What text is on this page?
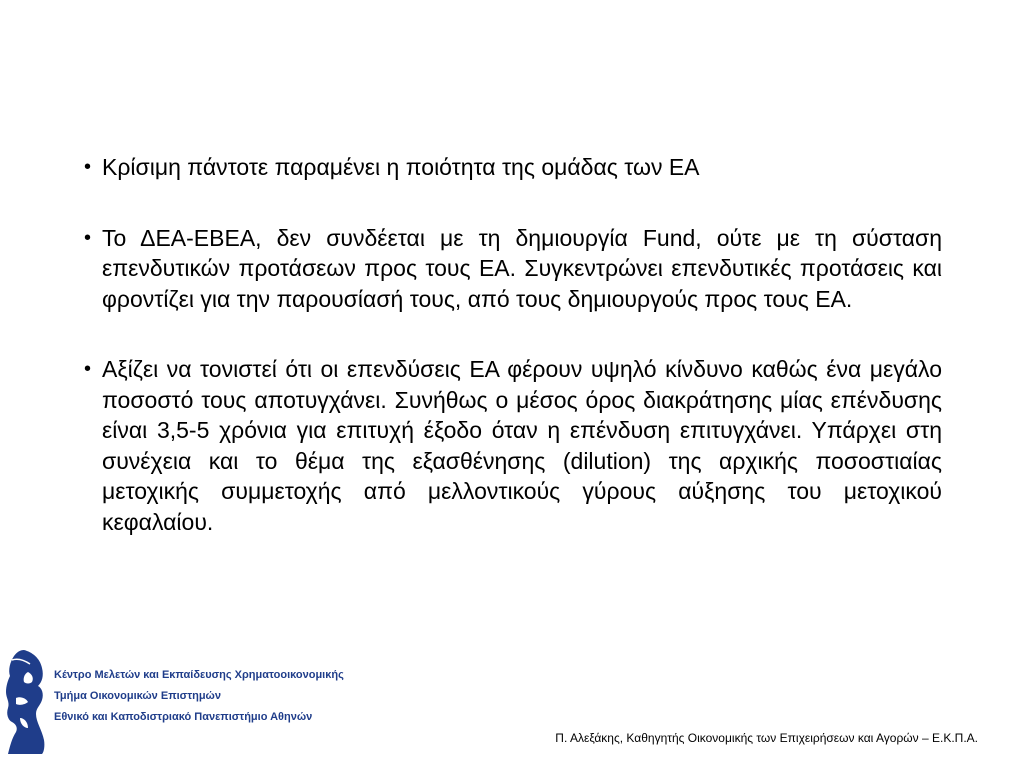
• Κρίσιμη πάντοτε παραμένει η ποιότητα της ομάδας των ΕΑ
• Το ΔΕΑ-ΕΒΕΑ, δεν συνδέεται με τη δημιουργία Fund, ούτε με τη σύσταση επενδυτικών προτάσεων προς τους ΕΑ. Συγκεντρώνει επενδυτικές προτάσεις και φροντίζει για την παρουσίασή τους, από τους δημιουργούς προς τους ΕΑ.
• Αξίζει να τονιστεί ότι οι επενδύσεις ΕΑ φέρουν υψηλό κίνδυνο καθώς ένα μεγάλο ποσοστό τους αποτυγχάνει. Συνήθως ο μέσος όρος διακράτησης μίας επένδυσης είναι 3,5-5 χρόνια για επιτυχή έξοδο όταν η επένδυση επιτυγχάνει. Υπάρχει στη συνέχεια και το θέμα της εξασθένησης (dilution) της αρχικής ποσοστιαίας μετοχικής συμμετοχής από μελλοντικούς γύρους αύξησης του μετοχικού κεφαλαίου.
Κέντρο Μελετών και Εκπαίδευσης Χρηματοοικονομικής
Τμήμα Οικονομικών Επιστημών
Εθνικό και Καποδιστριακό Πανεπιστήμιο Αθηνών
Π. Αλεξάκης, Καθηγητής Οικονομικής των Επιχειρήσεων και Αγορών – Ε.Κ.Π.Α.
